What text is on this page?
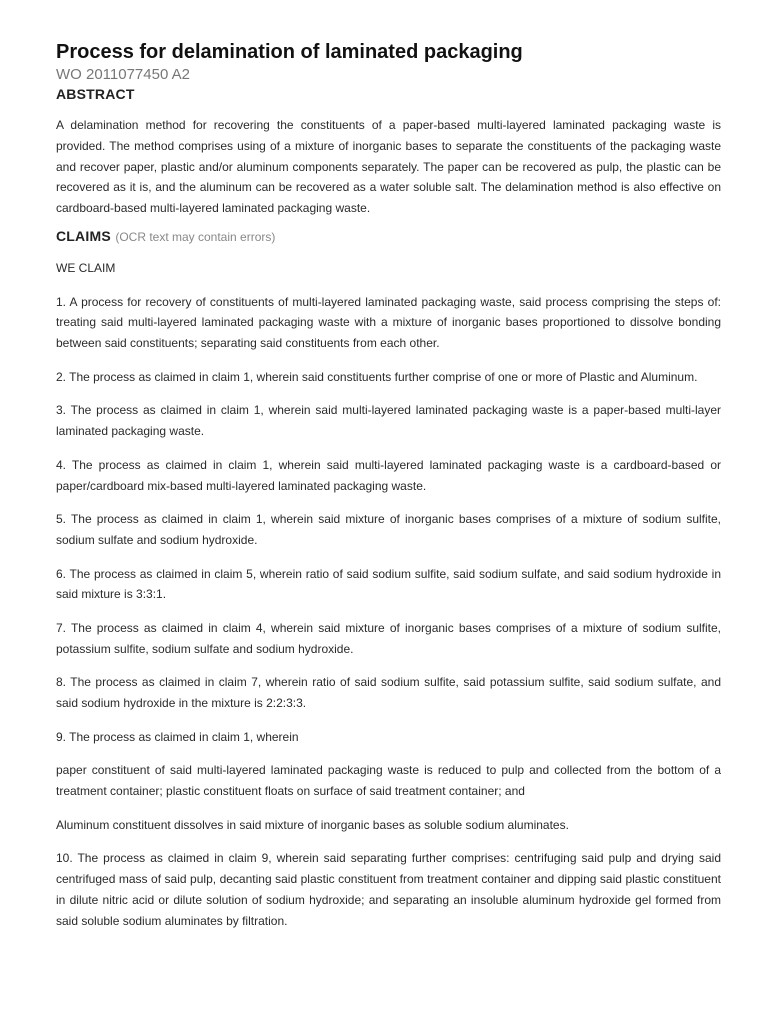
Process for delamination of laminated packaging
WO 2011077450 A2
ABSTRACT

A delamination method for recovering the constituents of a paper-based multi-layered laminated packaging waste is provided. The method comprises using of a mixture of inorganic bases to separate the constituents of the packaging waste and recover paper, plastic and/or aluminum components separately. The paper can be recovered as pulp, the plastic can be recovered as it is, and the aluminum can be recovered as a water soluble salt. The delamination method is also effective on cardboard-based multi-layered laminated packaging waste.

CLAIMS (OCR text may contain errors)

WE CLAIM

1. A process for recovery of constituents of multi-layered laminated packaging waste, said process comprising the steps of: treating said multi-layered laminated packaging waste with a mixture of inorganic bases proportioned to dissolve bonding between said constituents; separating said constituents from each other.

2. The process as claimed in claim 1, wherein said constituents further comprise of one or more of Plastic and Aluminum.

3. The process as claimed in claim 1, wherein said multi-layered laminated packaging waste is a paper-based multi-layer laminated packaging waste.

4. The process as claimed in claim 1, wherein said multi-layered laminated packaging waste is a cardboard-based or paper/cardboard mix-based multi-layered laminated packaging waste.

5. The process as claimed in claim 1, wherein said mixture of inorganic bases comprises of a mixture of sodium sulfite, sodium sulfate and sodium hydroxide.

6. The process as claimed in claim 5, wherein ratio of said sodium sulfite, said sodium sulfate, and said sodium hydroxide in said mixture is 3:3:1.

7. The process as claimed in claim 4, wherein said mixture of inorganic bases comprises of a mixture of sodium sulfite, potassium sulfite, sodium sulfate and sodium hydroxide.

8. The process as claimed in claim 7, wherein ratio of said sodium sulfite, said potassium sulfite, said sodium sulfate, and said sodium hydroxide in the mixture is 2:2:3:3.

9. The process as claimed in claim 1, wherein

paper constituent of said multi-layered laminated packaging waste is reduced to pulp and collected from the bottom of a treatment container; plastic constituent floats on surface of said treatment container; and

Aluminum constituent dissolves in said mixture of inorganic bases as soluble sodium aluminates.

10. The process as claimed in claim 9, wherein said separating further comprises: centrifuging said pulp and drying said centrifuged mass of said pulp, decanting said plastic constituent from treatment container and dipping said plastic constituent in dilute nitric acid or dilute solution of sodium hydroxide; and separating an insoluble aluminum hydroxide gel formed from said soluble sodium aluminates by filtration.
